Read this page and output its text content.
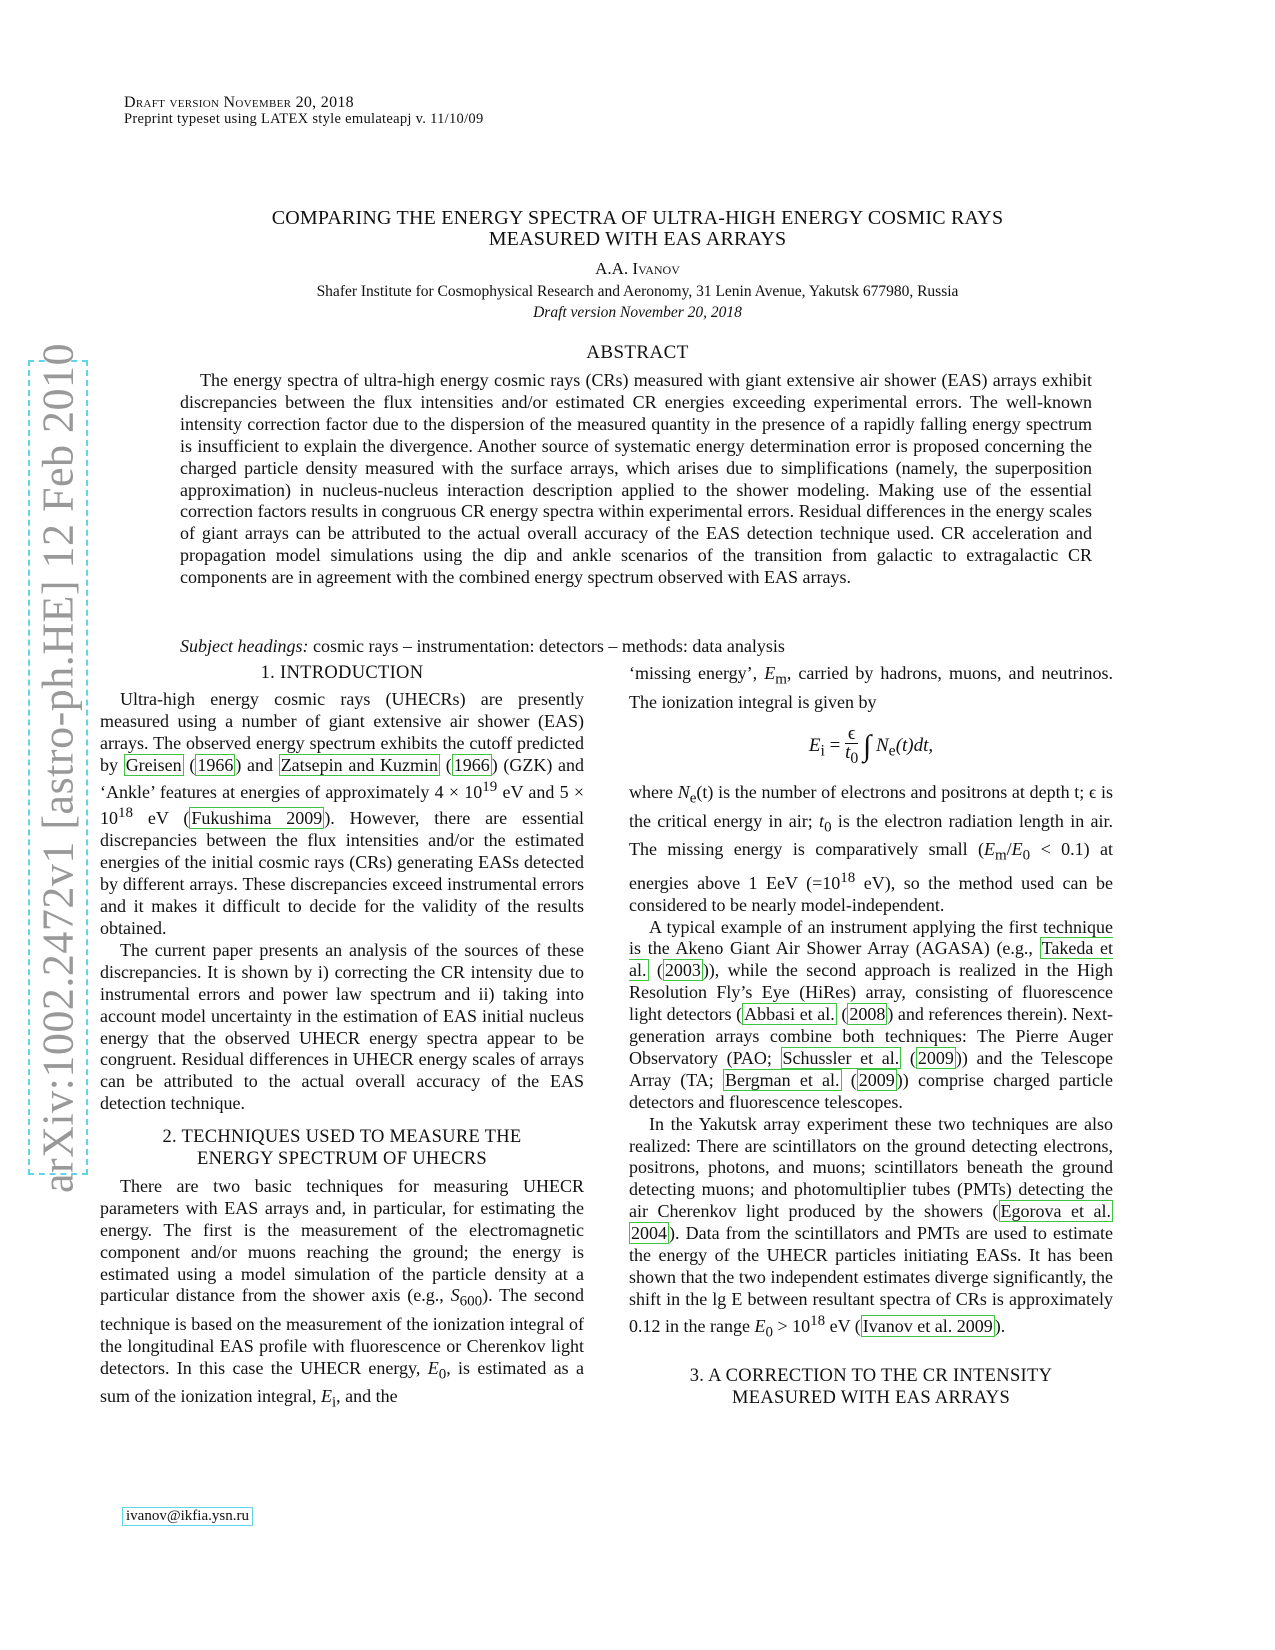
Draft version November 20, 2018
Preprint typeset using LATEX style emulateapj v. 11/10/09
COMPARING THE ENERGY SPECTRA OF ULTRA-HIGH ENERGY COSMIC RAYS
MEASURED WITH EAS ARRAYS
A.A. Ivanov
Shafer Institute for Cosmophysical Research and Aeronomy, 31 Lenin Avenue, Yakutsk 677980, Russia
Draft version November 20, 2018
ABSTRACT

The energy spectra of ultra-high energy cosmic rays (CRs) measured with giant extensive air shower (EAS) arrays exhibit discrepancies between the flux intensities and/or estimated CR energies exceeding experimental errors. The well-known intensity correction factor due to the dispersion of the measured quantity in the presence of a rapidly falling energy spectrum is insufficient to explain the divergence. Another source of systematic energy determination error is proposed concerning the charged particle density measured with the surface arrays, which arises due to simplifications (namely, the superposition approximation) in nucleus-nucleus interaction description applied to the shower modeling. Making use of the essential correction factors results in congruous CR energy spectra within experimental errors. Residual differences in the energy scales of giant arrays can be attributed to the actual overall accuracy of the EAS detection technique used. CR acceleration and propagation model simulations using the dip and ankle scenarios of the transition from galactic to extragalactic CR components are in agreement with the combined energy spectrum observed with EAS arrays.

Subject headings: cosmic rays – instrumentation: detectors – methods: data analysis
arXiv:1002.2472v1 [astro-ph.HE] 12 Feb 2010	1. INTRODUCTION

Ultra-high energy cosmic rays (UHECRs) are presently measured using a number of giant extensive air shower (EAS) arrays. The observed energy spectrum exhibits the cutoff predicted by Greisen ( 1966 ) and Zatsepin and Kuzmin ( 1966 ) (GZK) and ‘Ankle’ features at energies of approximately $4 \times 10^{19}$ eV and $5 \times 10^{18}$ eV ( Fukushima 2009 ). However, there are essential discrepancies between the flux intensities and/or the estimated energies of the initial cosmic rays (CRs) generating EASs detected by different arrays. These discrepancies exceed instrumental errors and it makes it difficult to decide for the validity of the results obtained.

The current paper presents an analysis of the sources of these discrepancies. It is shown by i) correcting the CR intensity due to instrumental errors and power law spectrum and ii) taking into account model uncertainty in the estimation of EAS initial nucleus energy that the observed UHECR energy spectra appear to be congruent. Residual differences in UHECR energy scales of arrays can be attributed to the actual overall accuracy of the EAS detection technique.

2. TECHNIQUES USED TO MEASURE THE
ENERGY SPECTRUM OF UHECRS

There are two basic techniques for measuring UHECR parameters with EAS arrays and, in particular, for estimating the energy. The first is the measurement of the electromagnetic component and/or muons reaching the ground; the energy is estimated using a model simulation of the particle density at a particular distance from the shower axis (e.g., $S_{600}$). The second technique is based on the measurement of the ionization integral of the longitudinal EAS profile with fluorescence or Cherenkov light detectors. In this case the UHECR energy, $E_0$, is estimated as a sum of the ionization integral, $E_i$, and the

ivanov@ikfia.ysn.ru

‘missing energy’, $E_m$, carried by hadrons, muons, and neutrinos. The ionization integral is given by

$E_i = \frac{\epsilon}{t_0}$ ∫ $N_e(t)dt$,

where $N_e(t)$ is the number of electrons and positrons at depth t; ϵ is the critical energy in air; $t_0$ is the electron radiation length in air. The missing energy is comparatively small $(E_m/E_0 < 0.1)$ at energies above 1 EeV ($=10^{18}$ eV), so the method used can be considered to be nearly model-independent.

A typical example of an instrument applying the first technique is the Akeno Giant Air Shower Array (AGASA) (e.g., Takeda et al. ( 2003 )), while the second approach is realized in the High Resolution Fly’s Eye (HiRes) array, consisting of fluorescence light detectors ( Abbasi et al. ( 2008 ) and references therein). Next-generation arrays combine both techniques: The Pierre Auger Observatory (PAO; Schussler et al. ( 2009 )) and the Telescope Array (TA; Bergman et al. ( 2009 )) comprise charged particle detectors and fluorescence telescopes.

In the Yakutsk array experiment these two techniques are also realized: There are scintillators on the ground detecting electrons, positrons, photons, and muons; scintillators beneath the ground detecting muons; and photomultiplier tubes (PMTs) detecting the air Cherenkov light produced by the showers ( Egorova et al. 2004 ). Data from the scintillators and PMTs are used to estimate the energy of the UHECR particles initiating EASs. It has been shown that the two independent estimates diverge significantly, the shift in the lg E between resultant spectra of CRs is approximately 0.12 in the range $E_0 > 10^{18}$ eV ( Ivanov et al. 2009 ).

3. A CORRECTION TO THE CR INTENSITY
MEASURED WITH EAS ARRAYS
